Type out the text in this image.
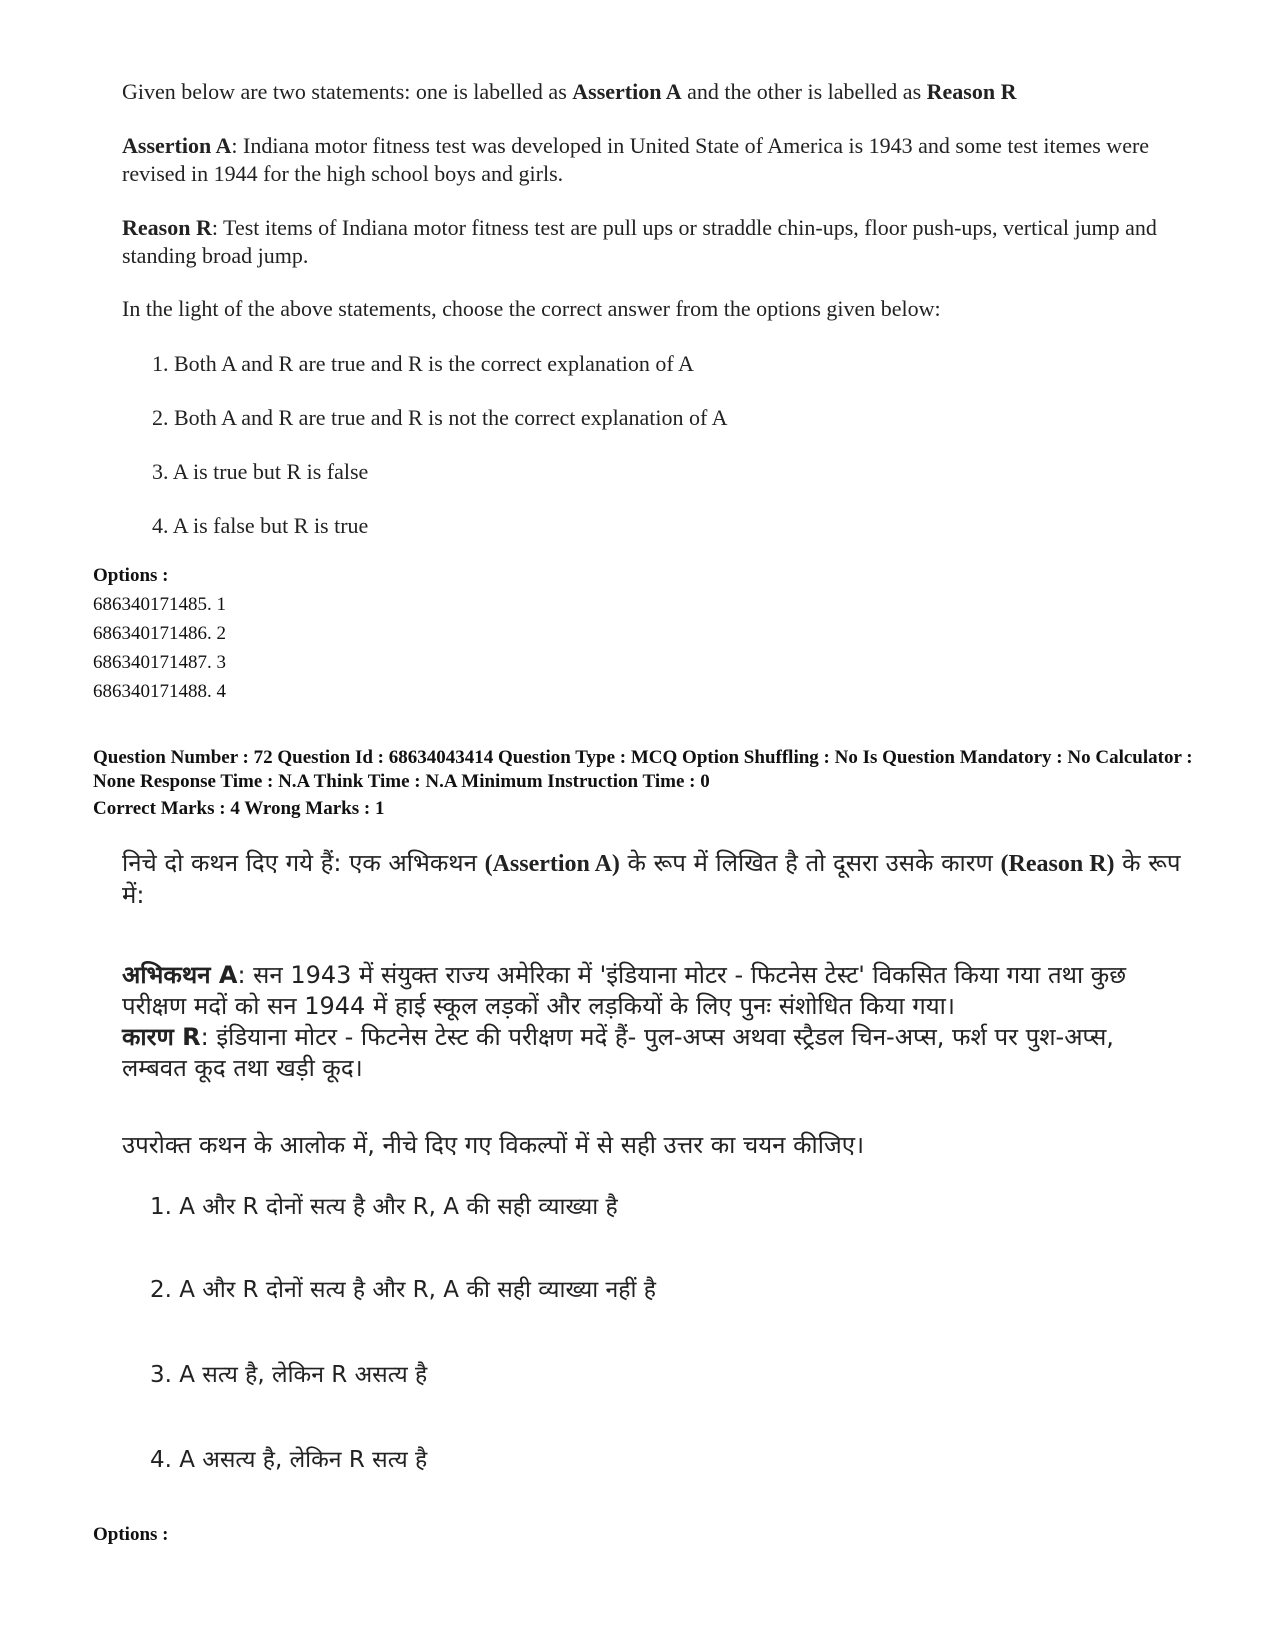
Given below are two statements: one is labelled as Assertion A and the other is labelled as Reason R

Assertion A: Indiana motor fitness test was developed in United State of America is 1943 and some test itemes were revised in 1944 for the high school boys and girls.

Reason R: Test items of Indiana motor fitness test are pull ups or straddle chin-ups, floor push-ups, vertical jump and standing broad jump.

In the light of the above statements, choose the correct answer from the options given below:

1. Both A and R are true and R is the correct explanation of A

2. Both A and R are true and R is not the correct explanation of A

3. A is true but R is false

4. A is false but R is true

Options :

686340171485. 1

686340171486. 2

686340171487. 3

686340171488. 4

Question Number : 72 Question Id : 68634043414 Question Type : MCQ Option Shuffling : No Is Question Mandatory : No Calculator : None Response Time : N.A Think Time : N.A Minimum Instruction Time : 0

Correct Marks : 4 Wrong Marks : 1

निचे दो कथन दिए गये हैं: एक अभिकथन (Assertion A) के रूप में लिखित है तो दूसरा उसके कारण (Reason R) के रूप में:

अभिकथन A: सन 1943 में संयुक्त राज्य अमेरिका में 'इंडियाना मोटर - फिटनेस टेस्ट' विकसित किया गया तथा कुछ परीक्षण मदों को सन 1944 में हाई स्कूल लड़कों और लड़कियों के लिए पुनः संशोधित किया गया।

कारण R: इंडियाना मोटर - फिटनेस टेस्ट की परीक्षण मदें हैं- पुल-अप्स अथवा स्ट्रैडल चिन-अप्स, फर्श पर पुश-अप्स, लम्बवत कूद तथा खड़ी कूद।

उपरोक्त कथन के आलोक में, नीचे दिए गए विकल्पों में से सही उत्तर का चयन कीजिए।

1. A और R दोनों सत्य है और R, A की सही व्याख्या है

2. A और R दोनों सत्य है और R, A की सही व्याख्या नहीं है

3. A सत्य है, लेकिन R असत्य है

4. A असत्य है, लेकिन R सत्य है

Options :
